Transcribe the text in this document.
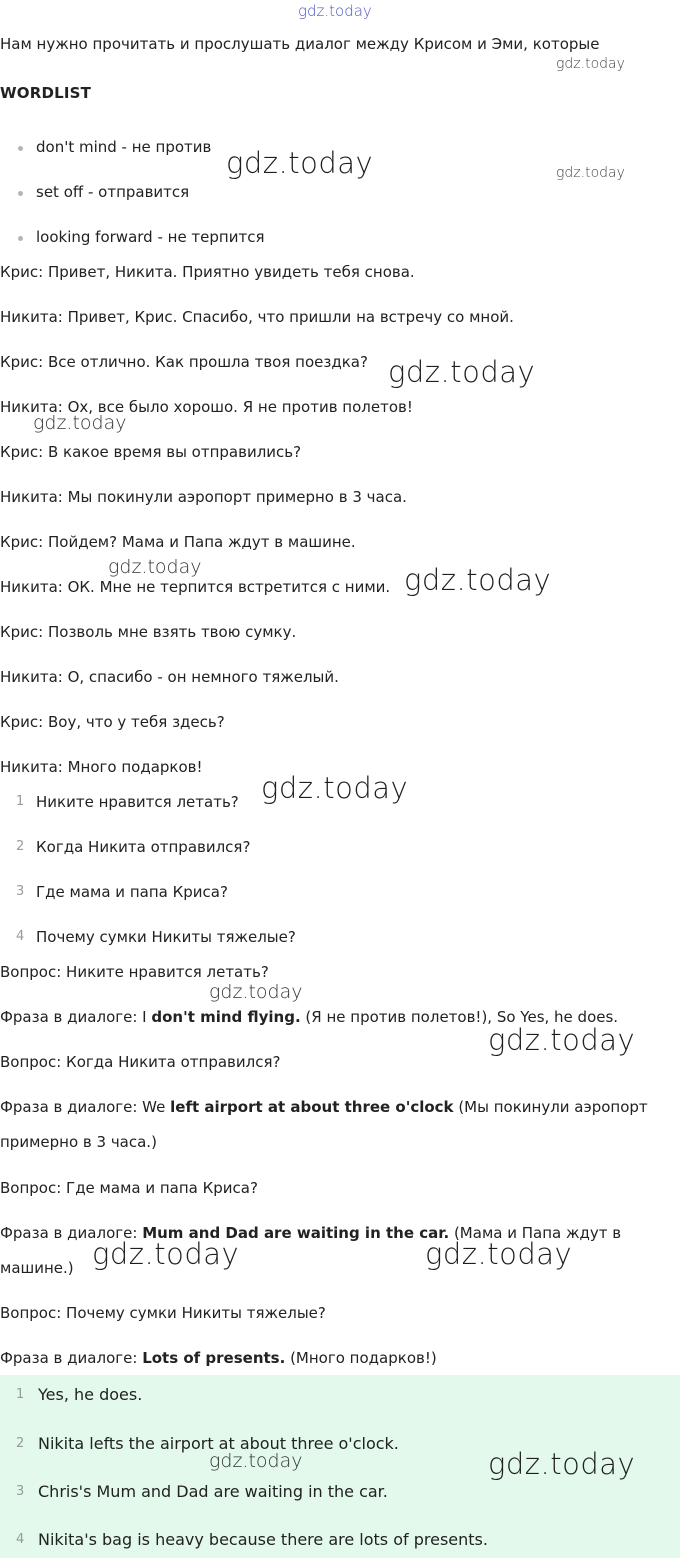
gdz.today
Нам нужно прочитать и прослушать диалог между Крисом и Эми, которые
gdz.today
WORDLIST
don't mind - не против
set off - отправится
looking forward - не терпится
gdz.today	gdz.today
Крис: Привет, Никита. Приятно увидеть тебя снова.
Никита: Привет, Крис. Спасибо, что пришли на встречу со мной.
Крис: Все отлично. Как прошла твоя поездка? gdz.today
Никита: Ох, все было хорошо. Я не против полетов!
gdz.today
Крис: В какое время вы отправились?
Никита: Мы покинули аэропорт примерно в 3 часа.
Крис: Пойдем? Мама и Папа ждут в машине.
gdz.today
Никита: ОК. Мне не терпится встретится с ними. gdz.today
Крис: Позволь мне взять твою сумку.
Никита: О, спасибо - он немного тяжелый.
Крис: Воу, что у тебя здесь?
Никита: Много подарков!
1 Никите нравится летать? gdz.today
2 Когда Никита отправился?
3 Где мама и папа Криса?
4 Почему сумки Никиты тяжелые?
Вопрос: Никите нравится летать?
gdz.today
Фраза в диалоге: I don't mind flying. (Я не против полетов!), So Yes, he does.
gdz.today
Вопрос: Когда Никита отправился?
Фраза в диалоге: We left airport at about three o'clock (Мы покинули аэропорт
примерно в 3 часа.)
Вопрос: Где мама и папа Криса?
Фраза в диалоге: Mum and Dad are waiting in the car. (Мама и Папа ждут в
машине.) gdz.today	gdz.today
Вопрос: Почему сумки Никиты тяжелые?
Фраза в диалоге: Lots of presents. (Много подарков!)
1 Yes, he does.
2 Nikita lefts the airport at about three o'clock.
gdz.today	gdz.today
3 Chris's Mum and Dad are waiting in the car.
4 Nikita's bag is heavy because there are lots of presents.
